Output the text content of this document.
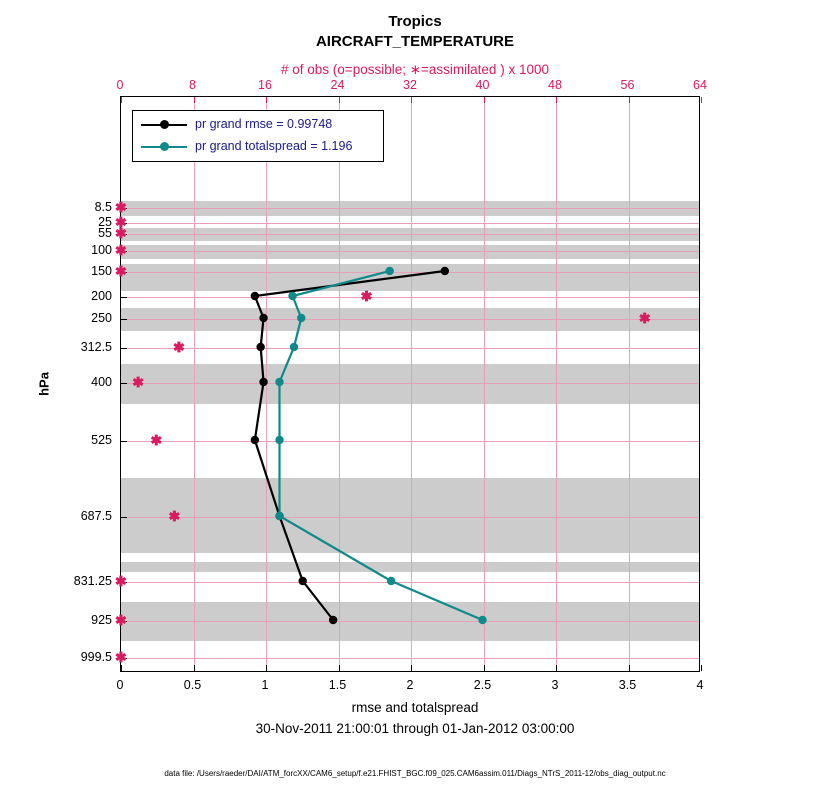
Tropics
AIRCRAFT_TEMPERATURE
# of obs (o=possible; ∗=assimilated ) x 1000
hPa
rmse and totalspread
30-Nov-2011 21:00:01 through 01-Jan-2012 03:00:00
data file: /Users/raeder/DAI/ATM_forcXX/CAM6_setup/f.e21.FHIST_BGC.f09_025.CAM6assim.011/Diags_NTrS_2011-12/obs_diag_output.nc
pr grand rmse = 0.99748
pr grand totalspread = 1.196
0	0.5	1	1.5	2	2.5	3	3.5	4
0	8	16	24	32	40	48	56	64
8.5
25
55
100
150
200
250
312.5
400
525
687.5
831.25
925
999.5
